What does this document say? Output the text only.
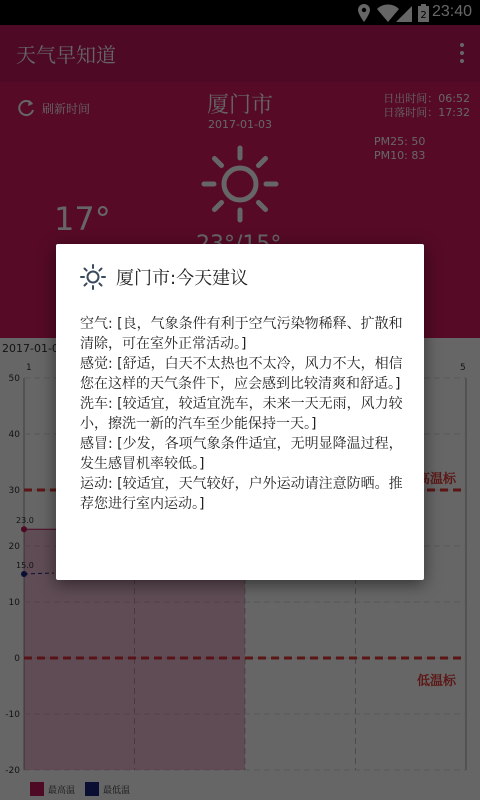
厦门市:今天建议

空气: [良，气象条件有利于空气污染物稀释、扩散和清除，可在室外正常活动。]

感觉: [舒适，白天不太热也不太冷，风力不大，相信您在这样的天气条件下，应会感到比较清爽和舒适。]

洗车: [较适宜，较适宜洗车，未来一天无雨，风力较小，擦洗一新的汽车至少能保持一天。]

感冒: [少发，各项气象条件适宜，无明显降温过程，发生感冒机率较低。]

运动: [较适宜，天气较好，户外运动请注意防晒。推荐您进行室内运动。]
